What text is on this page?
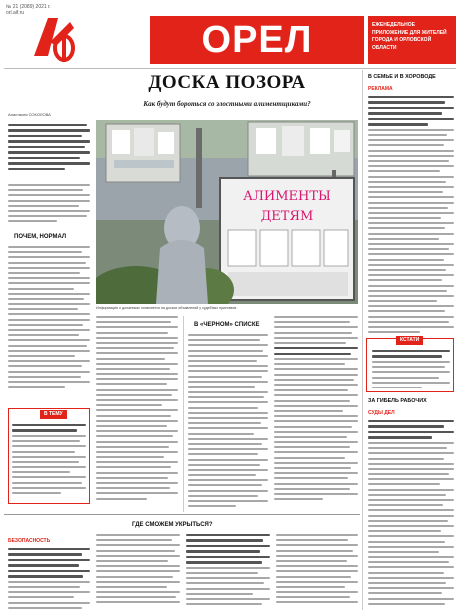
№ 21 (2089) 2021 г.
orl.aif.ru
ОРЕЛ	ЕЖЕНЕДЕЛЬНОЕ ПРИЛОЖЕНИЕ ДЛЯ ЖИТЕЛЕЙ ГОРОДА И ОРЛОВСКОЙ ОБЛАСТИ
ДОСКА ПОЗОРА
Как будут бороться со злостными алиментщиками?
Анастасия СОКОЛОВА
ПОЧЕМ, НОРМАЛ
В ТЕМУ
АЛИМЕНТЫ
ДЕТЯМ
Информация о должниках появляется на досках объявлений у судебных приставов.
В «ЧЕРНОМ» СПИСКЕ
В СЕМЬЕ И В ХОРОВОДЕ
РЕКЛАМА
КСТАТИ
ЗА ГИБЕЛЬ РАБОЧИХ
СУДЫ ДЕЛ
БЕЗОПАСНОСТЬ
ГДЕ СМОЖЕМ УКРЫТЬСЯ?
